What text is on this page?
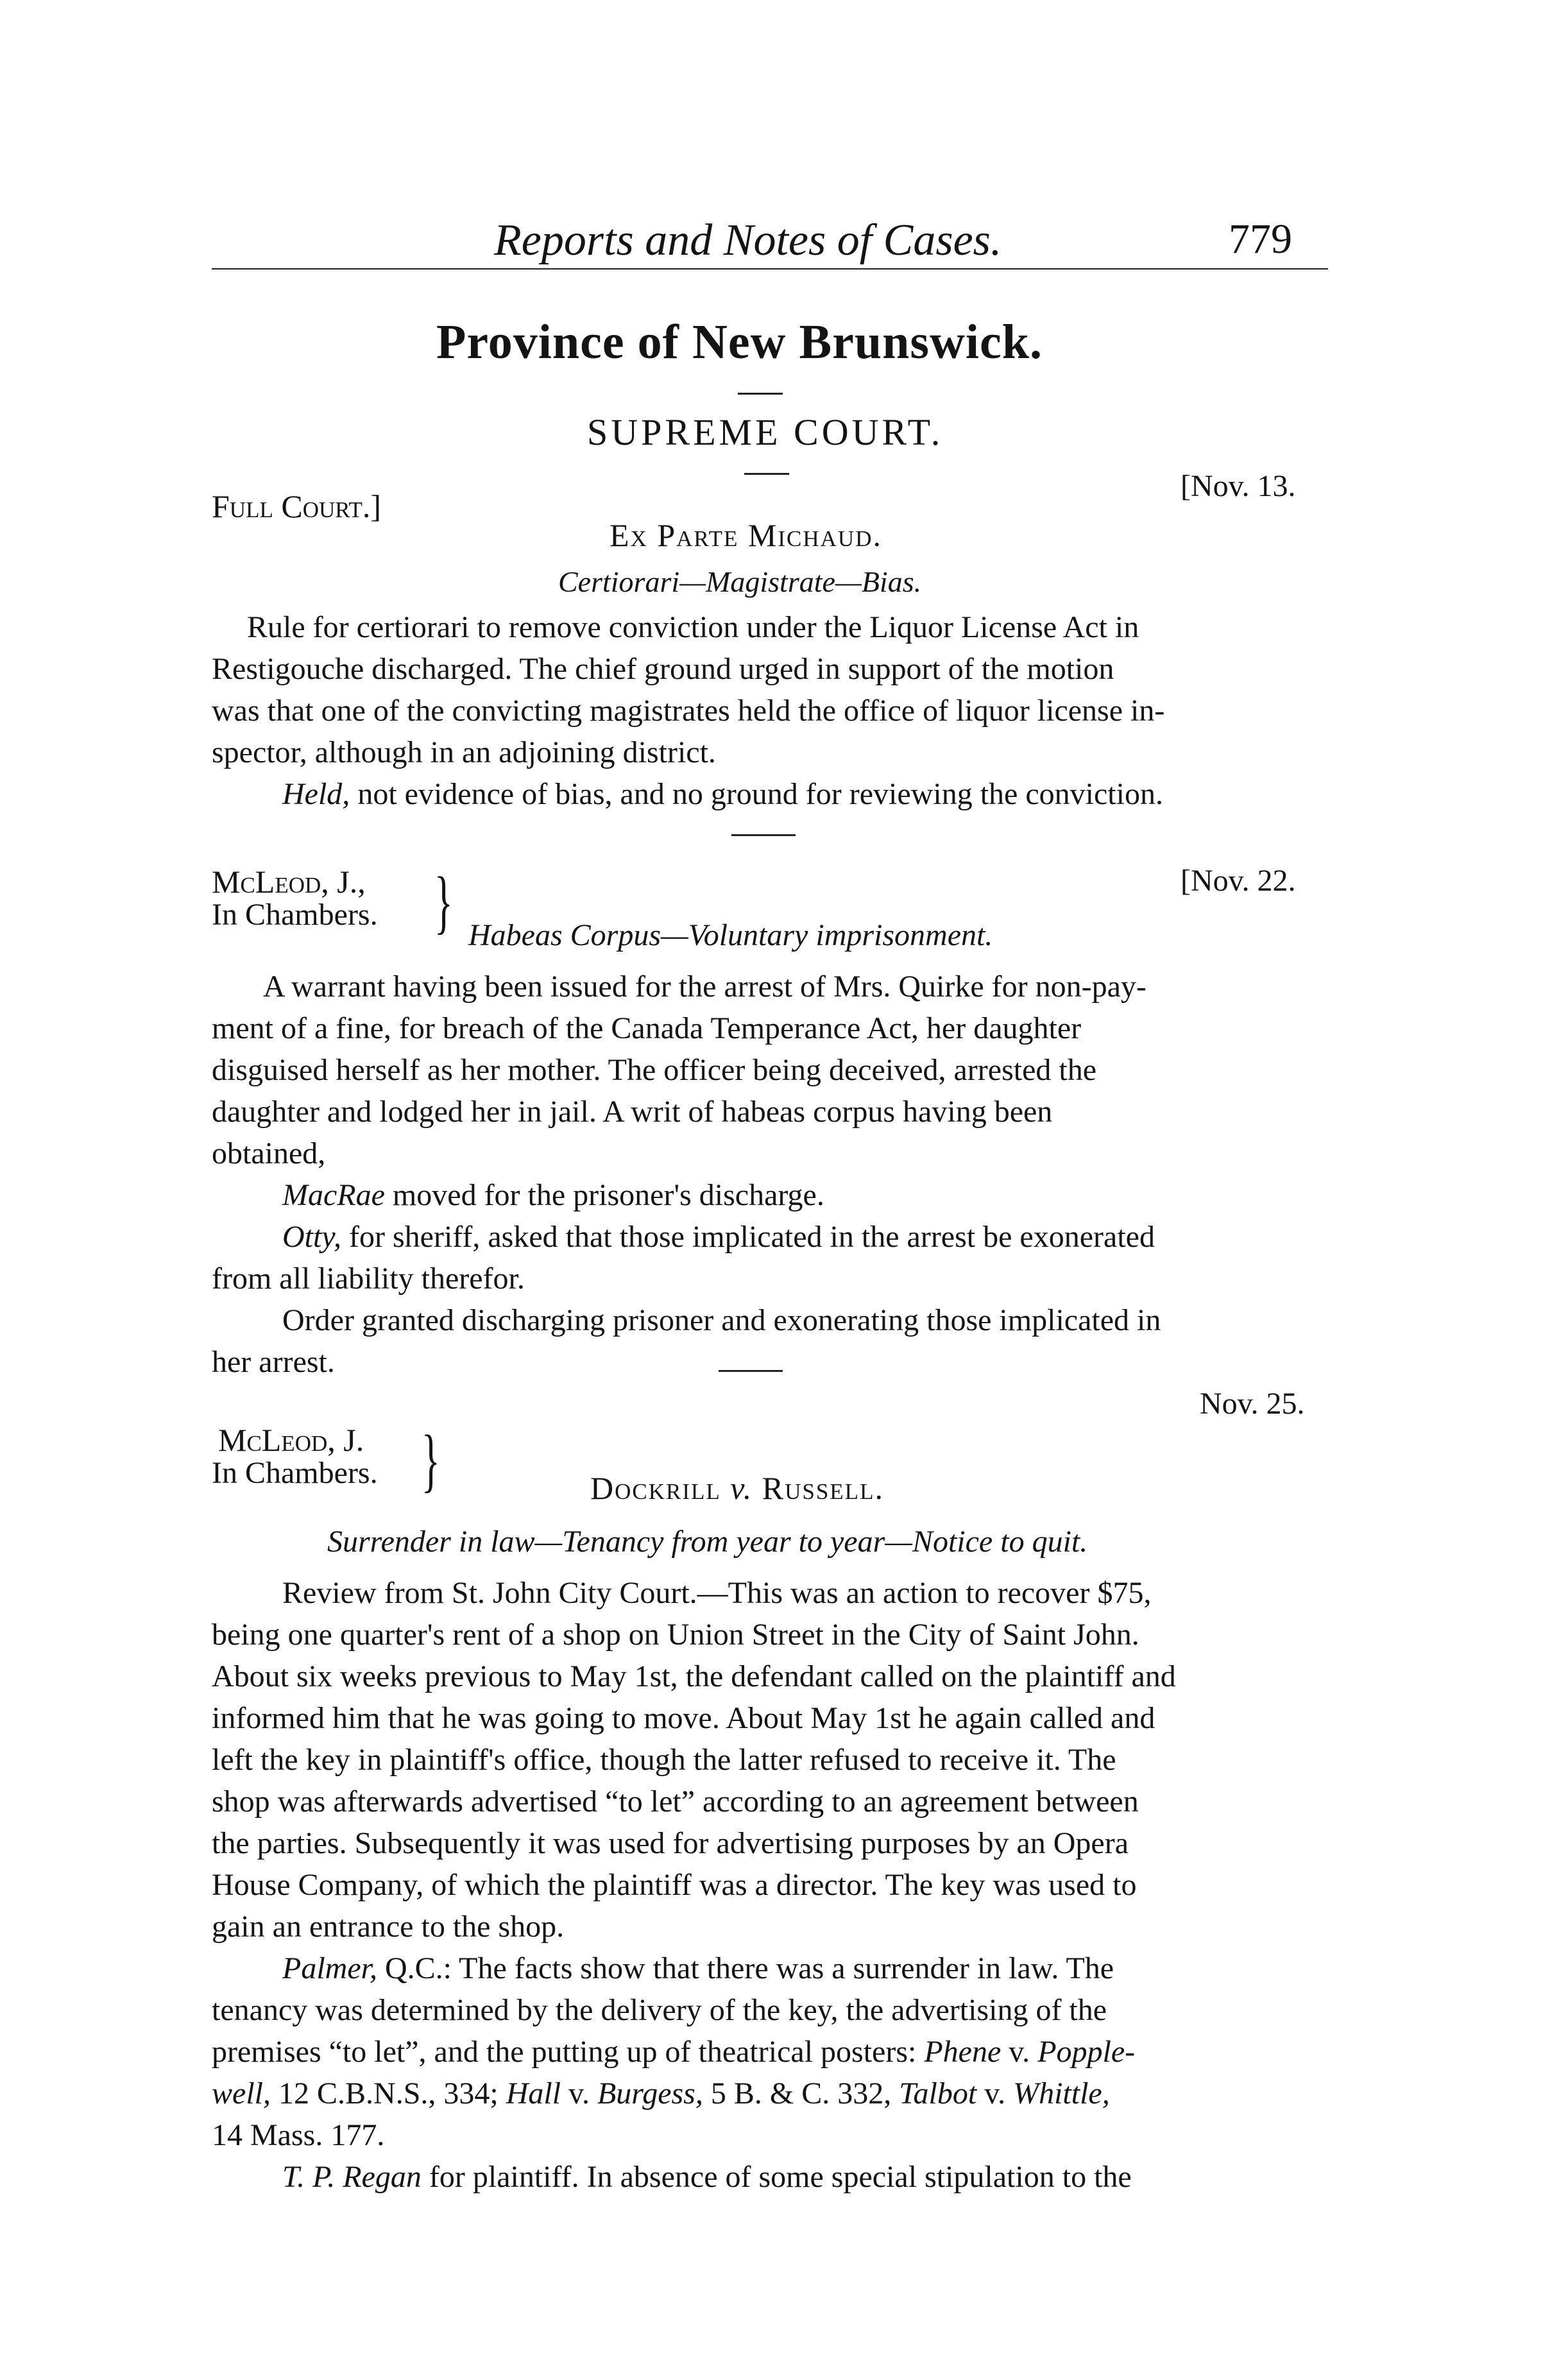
Reports and Notes of Cases.	779
Province of New Brunswick.
SUPREME COURT.
Full Court.]
[Nov. 13.
Ex Parte Michaud.
Certiorari—Magistrate—Bias.
Rule for certiorari to remove conviction under the Liquor License Act in
Restigouche discharged. The chief ground urged in support of the motion
was that one of the convicting magistrates held the office of liquor license in-
spector, although in an adjoining district.
Held, not evidence of bias, and no ground for reviewing the conviction.
McLeod, J.,
In Chambers. }	[Nov. 22.
Habeas Corpus—Voluntary imprisonment.
A warrant having been issued for the arrest of Mrs. Quirke for non-pay-
ment of a fine, for breach of the Canada Temperance Act, her daughter
disguised herself as her mother. The officer being deceived, arrested the
daughter and lodged her in jail. A writ of habeas corpus having been
obtained,
MacRae moved for the prisoner's discharge.
Otty, for sheriff, asked that those implicated in the arrest be exonerated
from all liability therefor.
Order granted discharging prisoner and exonerating those implicated in
her arrest.
Nov. 25.
McLeod, J.
In Chambers. }	Dockrill v. Russell.
Surrender in law—Tenancy from year to year—Notice to quit.
Review from St. John City Court.—This was an action to recover $75,
being one quarter's rent of a shop on Union Street in the City of Saint John.
About six weeks previous to May 1st, the defendant called on the plaintiff and
informed him that he was going to move. About May 1st he again called and
left the key in plaintiff's office, though the latter refused to receive it. The
shop was afterwards advertised “to let” according to an agreement between
the parties. Subsequently it was used for advertising purposes by an Opera
House Company, of which the plaintiff was a director. The key was used to
gain an entrance to the shop.
Palmer, Q.C.: The facts show that there was a surrender in law. The
tenancy was determined by the delivery of the key, the advertising of the
premises “to let”, and the putting up of theatrical posters: Phene v. Popple-
well, 12 C.B.N.S., 334; Hall v. Burgess, 5 B. & C. 332, Talbot v. Whittle,
14 Mass. 177.
T. P. Regan for plaintiff. In absence of some special stipulation to the
